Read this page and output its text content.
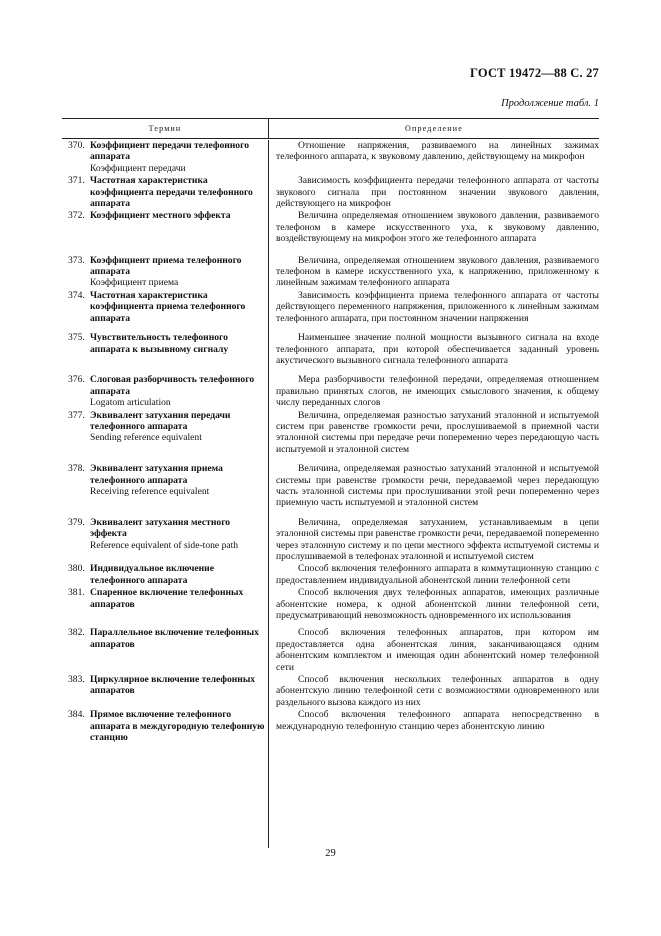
ГОСТ 19472—88 С. 27
Продолжение табл. 1
Термин	Определение
370. Коэффициент передачи телефонного аппарата
Коэффициент передачи
Отношение напряжения, развиваемого на линейных зажимах телефонного аппарата, к звуковому давлению, действующему на микрофон
371. Частотная характеристика коэффициента передачи телефонного аппарата
Зависимость коэффициента передачи телефонного аппарата от частоты звукового сигнала при постоянном значении звукового давления, действующего на микрофон
372. Коэффициент местного эффекта	Величина определяемая отношением звукового давления, развиваемого телефоном в камере искусственного уха, к звуковому давлению, воздействующему на микрофон этого же телефонного аппарата
373. Коэффициент приема телефонного аппарата
Коэффициент приема
Величина, определяемая отношением звукового давления, развиваемого телефоном в камере искусственного уха, к напряжению, приложенному к линейным зажимам телефонного аппарата
374. Частотная характеристика коэффициента приема телефонного аппарата
Зависимость коэффициента приема телефонного аппарата от частоты действующего переменного напряжения, приложенного к линейным зажимам телефонного аппарата, при постоянном значении напряжения
375. Чувствительность телефонного аппарата к вызывному сигналу
Наименьшее значение полной мощности вызывного сигнала на входе телефонного аппарата, при которой обеспечивается заданный уровень акустического вызывного сигнала телефонного аппарата
376. Слоговая разборчивость телефонного аппарата
Logatom articulation
Мера разборчивости телефонной передачи, определяемая отношением правильно принятых слогов, не имеющих смыслового значения, к общему числу переданных слогов
377. Эквивалент затухания передачи телефонного аппарата
Sending reference equivalent
Величина, определяемая разностью затуханий эталонной и испытуемой систем при равенстве громкости речи, прослушиваемой в приемной части эталонной системы при передаче речи попеременно через передающую часть испытуемой и эталонной систем
378. Эквивалент затухания приема телефонного аппарата
Receiving reference equivalent
Величина, определяемая разностью затуханий эталонной и испытуемой системы при равенстве громкости речи, передаваемой через передающую часть эталонной системы при прослушивании этой речи попеременно через приемную часть испытуемой и эталонной систем
379. Эквивалент затухания местного эффекта
Reference equivalent of side-tone path
Величина, определяемая затуханием, устанавливаемым в цепи эталонной системы при равенстве громкости речи, передаваемой попеременно через эталонную систему и по цепи местного эффекта испытуемой системы и прослушиваемой в телефонах эталонной и испытуемой систем
380. Индивидуальное включение телефонного аппарата
Способ включения телефонного аппарата в коммутационную станцию с предоставлением индивидуальной абонентской линии телефонной сети
381. Спаренное включение телефонных аппаратов
Способ включения двух телефонных аппаратов, имеющих различные абонентские номера, к одной абонентской линии телефонной сети, предусматривающий невозможность одновременного их использования
382. Параллельное включение телефонных аппаратов
Способ включения телефонных аппаратов, при котором им предоставляется одна абонентская линия, заканчивающаяся одним абонентским комплектом и имеющая один абонентский номер телефонной сети
383. Циркулярное включение телефонных аппаратов
Способ включения нескольких телефонных аппаратов в одну абонентскую линию телефонной сети с возможностями одновременного или раздельного вызова каждого из них
384. Прямое включение телефонного аппарата в междугородную телефонную станцию
Способ включения телефонного аппарата непосредственно в международную телефонную станцию через абонентскую линию
29
